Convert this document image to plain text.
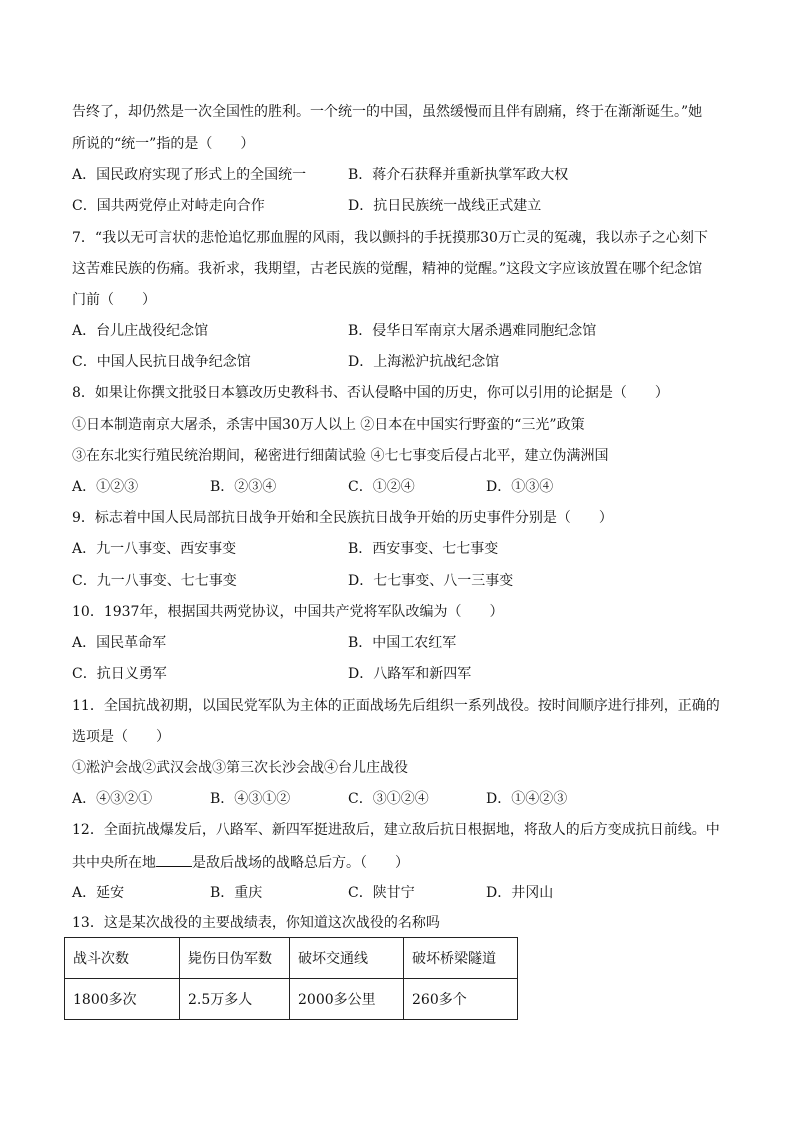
告终了，却仍然是一次全国性的胜利。一个统一的中国，虽然缓慢而且伴有剧痛，终于在渐渐诞生。”她
所说的“统一”指的是（　　）
A．国民政府实现了形式上的全国统一	B．蒋介石获释并重新执掌军政大权
C．国共两党停止对峙走向合作	D．抗日民族统一战线正式建立
7．“我以无可言状的悲怆追忆那血腥的风雨，我以颤抖的手抚摸那30万亡灵的冤魂，我以赤子之心刻下
这苦难民族的伤痛。我祈求，我期望，古老民族的觉醒，精神的觉醒。”这段文字应该放置在哪个纪念馆
门前（　　）
A．台儿庄战役纪念馆	B．侵华日军南京大屠杀遇难同胞纪念馆
C．中国人民抗日战争纪念馆	D．上海淞沪抗战纪念馆
8．如果让你撰文批驳日本篡改历史教科书、否认侵略中国的历史，你可以引用的论据是（　　）
①日本制造南京大屠杀，杀害中国30万人以上 ②日本在中国实行野蛮的“三光”政策
③在东北实行殖民统治期间，秘密进行细菌试验 ④七七事变后侵占北平，建立伪满洲国
A．①②③	B．②③④	C．①②④	D．①③④
9．标志着中国人民局部抗日战争开始和全民族抗日战争开始的历史事件分别是（　　）
A．九一八事变、西安事变	B．西安事变、七七事变
C．九一八事变、七七事变	D．七七事变、八一三事变
10．1937年，根据国共两党协议，中国共产党将军队改编为（　　）
A．国民革命军	B．中国工农红军
C．抗日义勇军	D．八路军和新四军
11．全国抗战初期，以国民党军队为主体的正面战场先后组织一系列战役。按时间顺序进行排列，正确的
选项是（　　）
①淞沪会战②武汉会战③第三次长沙会战④台儿庄战役
A．④③②①	B．④③①②	C．③①②④	D．①④②③
12．全面抗战爆发后，八路军、新四军挺进敌后，建立敌后抗日根据地，将敌人的后方变成抗日前线。中
共中央所在地	是敌后战场的战略总后方。（　　）
A．延安	B．重庆	C．陕甘宁	D．井冈山
13．这是某次战役的主要战绩表，你知道这次战役的名称吗
战斗次数	毙伤日伪军数	破坏交通线	破坏桥梁隧道
1800多次	2.5万多人	2000多公里	260多个
